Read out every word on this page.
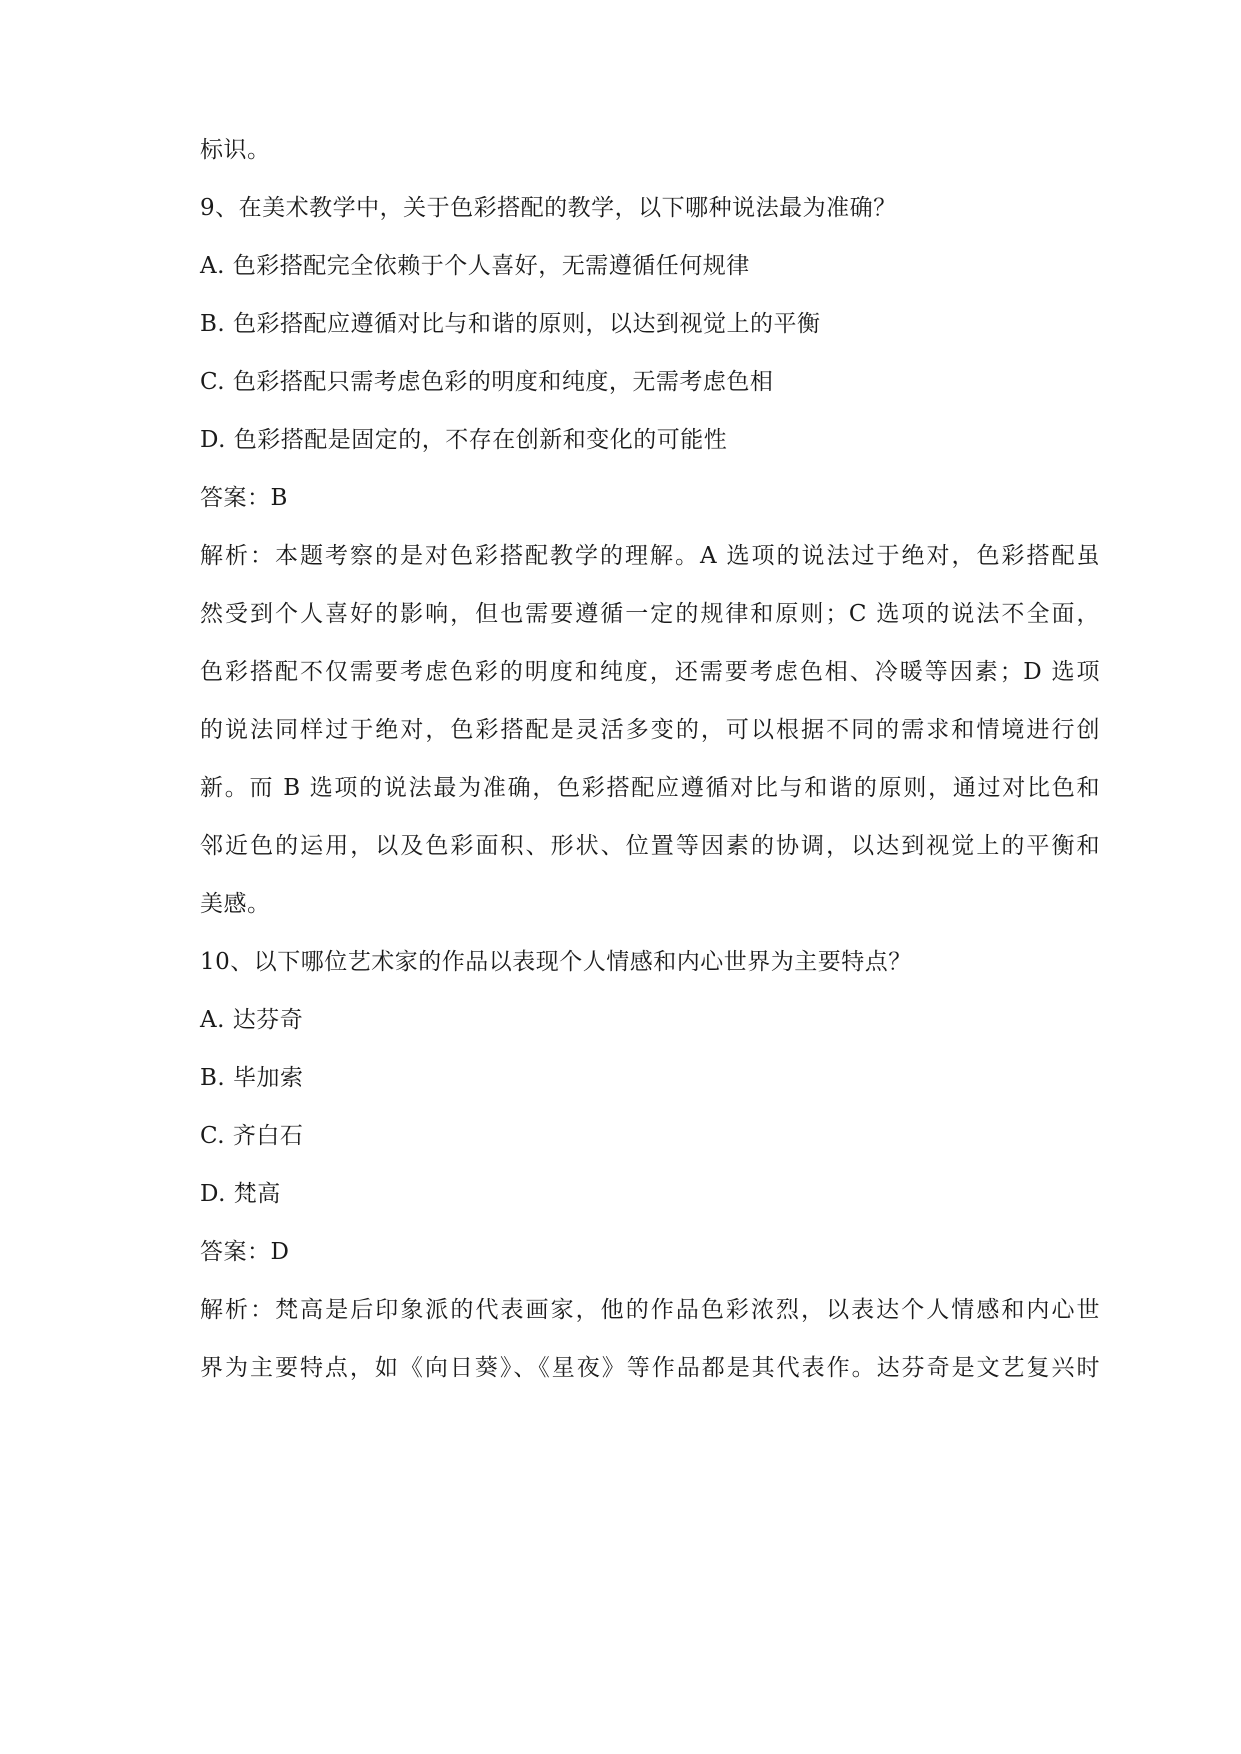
标识。
9、在美术教学中，关于色彩搭配的教学，以下哪种说法最为准确？
A. 色彩搭配完全依赖于个人喜好，无需遵循任何规律
B. 色彩搭配应遵循对比与和谐的原则，以达到视觉上的平衡
C. 色彩搭配只需考虑色彩的明度和纯度，无需考虑色相
D. 色彩搭配是固定的，不存在创新和变化的可能性
答案：B
解析：本题考察的是对色彩搭配教学的理解。A 选项的说法过于绝对，色彩搭配虽
然受到个人喜好的影响，但也需要遵循一定的规律和原则；C 选项的说法不全面，
色彩搭配不仅需要考虑色彩的明度和纯度，还需要考虑色相、冷暖等因素；D 选项
的说法同样过于绝对，色彩搭配是灵活多变的，可以根据不同的需求和情境进行创
新。而 B 选项的说法最为准确，色彩搭配应遵循对比与和谐的原则，通过对比色和
邻近色的运用，以及色彩面积、形状、位置等因素的协调，以达到视觉上的平衡和
美感。
10、以下哪位艺术家的作品以表现个人情感和内心世界为主要特点？
A. 达芬奇
B. 毕加索
C. 齐白石
D. 梵高
答案：D
解析：梵高是后印象派的代表画家，他的作品色彩浓烈，以表达个人情感和内心世
界为主要特点，如《向日葵》、《星夜》等作品都是其代表作。达芬奇是文艺复兴时
